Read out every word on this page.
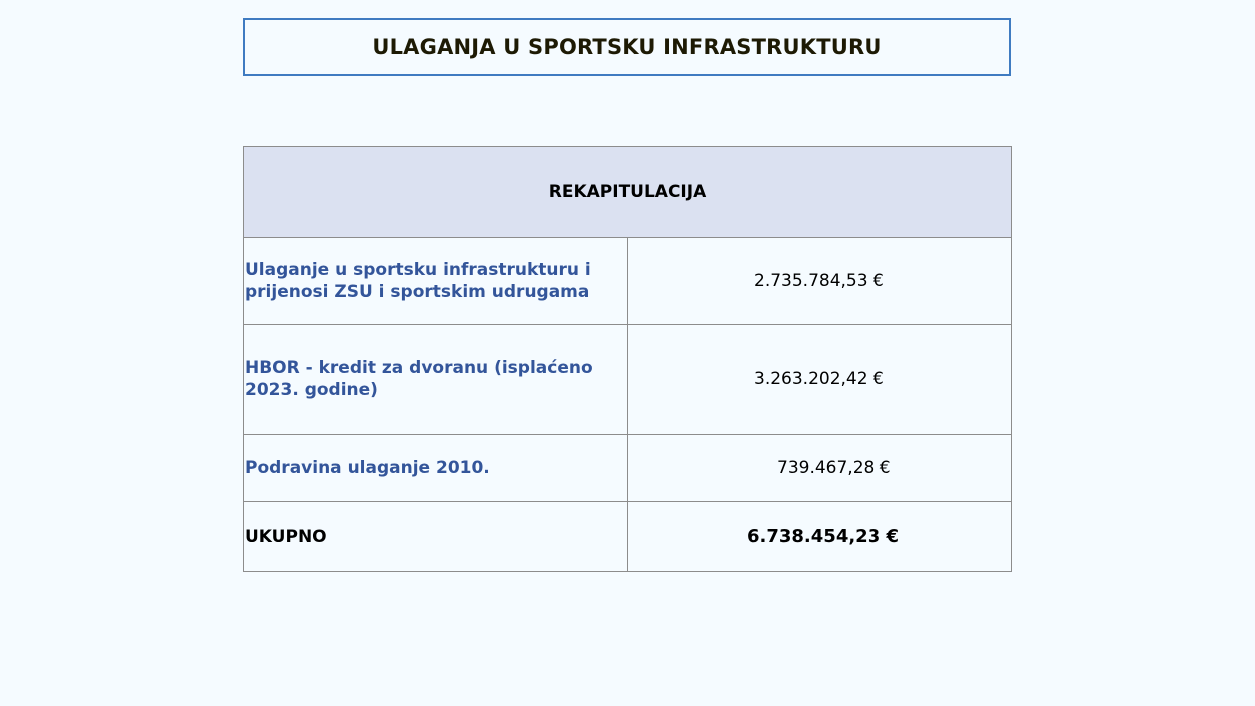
ULAGANJA U SPORTSKU INFRASTRUKTURU
REKAPITULACIJA	
Ulaganje u sportsku infrastrukturu i prijenosi ZSU i sportskim udrugama	2.735.784,53 €
HBOR - kredit za dvoranu (isplaćeno 2023. godine)	3.263.202,42 €
Podravina ulaganje 2010.	739.467,28 €
UKUPNO	6.738.454,23 €
